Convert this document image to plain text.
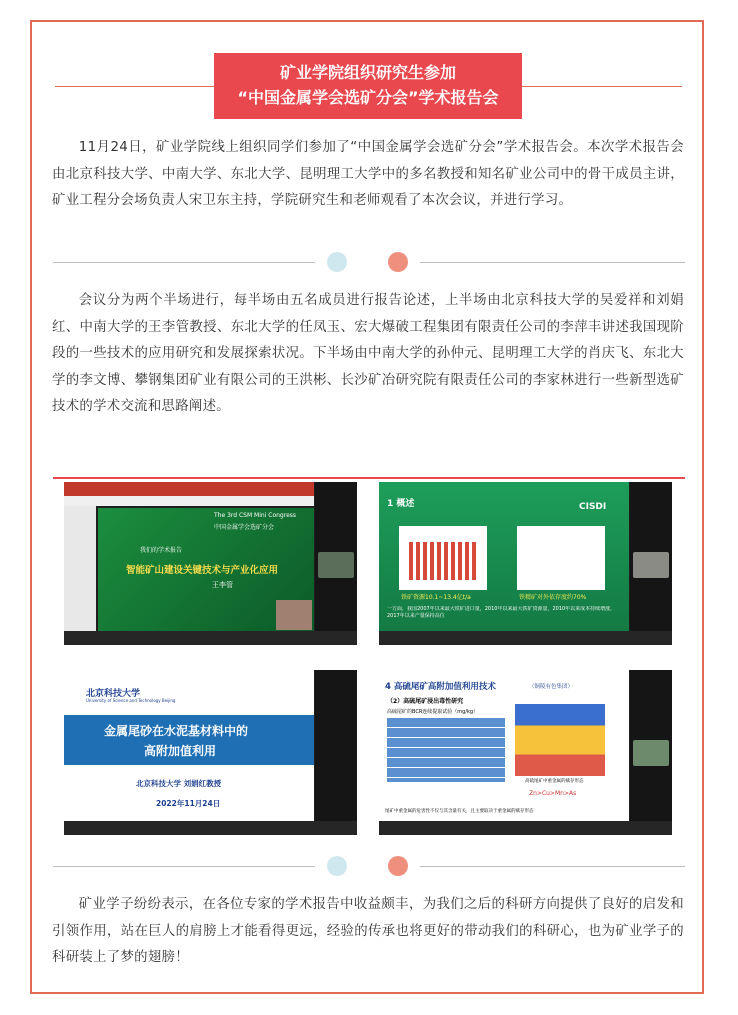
矿业学院组织研究生参加
“中国金属学会选矿分会”学术报告会

11月24日，矿业学院线上组织同学们参加了“中国金属学会选矿分会”学术报告会。本次学术报告会由北京科技大学、中南大学、东北大学、昆明理工大学中的多名教授和知名矿业公司中的骨干成员主讲，矿业工程分会场负责人宋卫东主持，学院研究生和老师观看了本次会议，并进行学习。

会议分为两个半场进行，每半场由五名成员进行报告论述，上半场由北京科技大学的吴爱祥和刘娟红、中南大学的王李管教授、东北大学的任凤玉、宏大爆破工程集团有限责任公司的李萍丰讲述我国现阶段的一些技术的应用研究和发展探索状况。下半场由中南大学的孙仲元、昆明理工大学的肖庆飞、东北大学的李文博、攀钢集团矿业有限公司的王洪彬、长沙矿冶研究院有限责任公司的李家林进行一些新型选矿技术的学术交流和思路阐述。

The 3rd CSM Mini Congress
中国金属学会选矿分会
我们的学术报告
智能矿山建设关键技术与产业化应用
王李管
1 概述	CISDI
铁矿资源10.1~13.4亿t/a	铁精矿对外依存度约70%
一方面，我国2007年以来最大铁矿进口量，2010年以来最大铁矿资源量，2010年以来成本持续增涨，2017年以来产量保持高位
北京科技大学
University of Science and Technology Beijing
金属尾砂在水泥基材料中的
高附加值利用
北京科技大学 刘娟红教授
2022年11月24日
4 高硫尾矿高附加值利用技术	（铜陵有色集团）
（2）高硫尾矿浸出毒性研究
高硫尾矿的BCR连续提取试验（mg/kg）
高硫尾矿中重金属的赋存形态
Zn>Cu>Mn>As
尾矿中重金属的危害性不仅与其含量有关，且主要取决于重金属的赋存形态

矿业学子纷纷表示，在各位专家的学术报告中收益颇丰，为我们之后的科研方向提供了良好的启发和引领作用，站在巨人的肩膀上才能看得更远，经验的传承也将更好的带动我们的科研心，也为矿业学子的科研装上了梦的翅膀！
